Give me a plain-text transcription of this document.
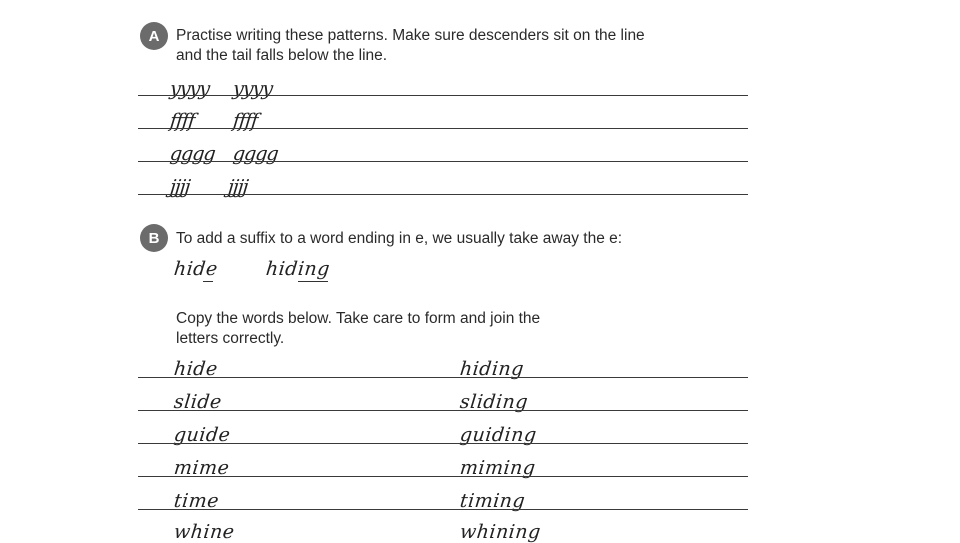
A	Practise writing these patterns. Make sure descenders sit on the line
and the tail falls below the line.
yyyy yyyy
ffff ffff
gggg gggg
jjjj jjjj
B	To add a suffix to a word ending in e, we usually take away the e:
hide hiding
Copy the words below. Take care to form and join the
letters correctly.
hide	hiding
slide	sliding
guide	guiding
mime	miming
time	timing
whine	whining
